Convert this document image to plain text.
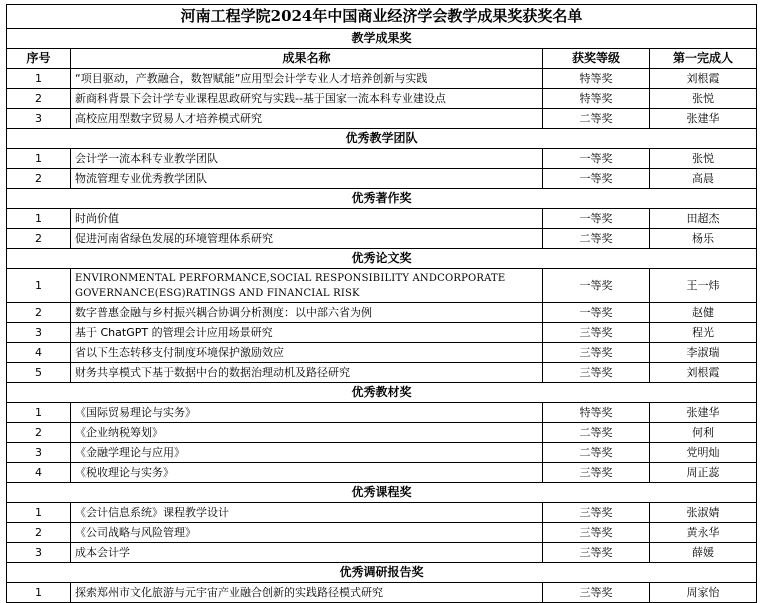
河南工程学院2024年中国商业经济学会教学成果奖获奖名单			
教学成果奖			
序号	成果名称	获奖等级	第一完成人
1	“项目驱动，产教融合，数智赋能”应用型会计学专业人才培养创新与实践	特等奖	刘根霞
2	新商科背景下会计学专业课程思政研究与实践--基于国家一流本科专业建设点	特等奖	张悦
3	高校应用型数字贸易人才培养模式研究	二等奖	张建华
优秀教学团队			
1	会计学一流本科专业教学团队	一等奖	张悦
2	物流管理专业优秀教学团队	一等奖	高晨
优秀著作奖			
1	时尚价值	一等奖	田超杰
2	促进河南省绿色发展的环境管理体系研究	二等奖	杨乐
优秀论文奖			
1	ENVIRONMENTAL PERFORMANCE,SOCIAL RESPONSIBILITY ANDCORPORATE GOVERNANCE(ESG)RATINGS AND FINANCIAL RISK	一等奖	王一炜
2	数字普惠金融与乡村振兴耦合协调分析测度：以中部六省为例	一等奖	赵健
3	基于 ChatGPT 的管理会计应用场景研究	三等奖	程光
4	省以下生态转移支付制度环境保护激励效应	三等奖	李淑瑞
5	财务共享模式下基于数据中台的数据治理动机及路径研究	三等奖	刘根霞
优秀教材奖			
1	《国际贸易理论与实务》	特等奖	张建华
2	《企业纳税筹划》	二等奖	何利
3	《金融学理论与应用》	二等奖	党明灿
4	《税收理论与实务》	三等奖	周正蕊
优秀课程奖			
1	《会计信息系统》课程教学设计	三等奖	张淑婧
2	《公司战略与风险管理》	三等奖	黄永华
3	成本会计学	三等奖	薛媛
优秀调研报告奖			
1	探索郑州市文化旅游与元宇宙产业融合创新的实践路径模式研究	三等奖	周家怡
